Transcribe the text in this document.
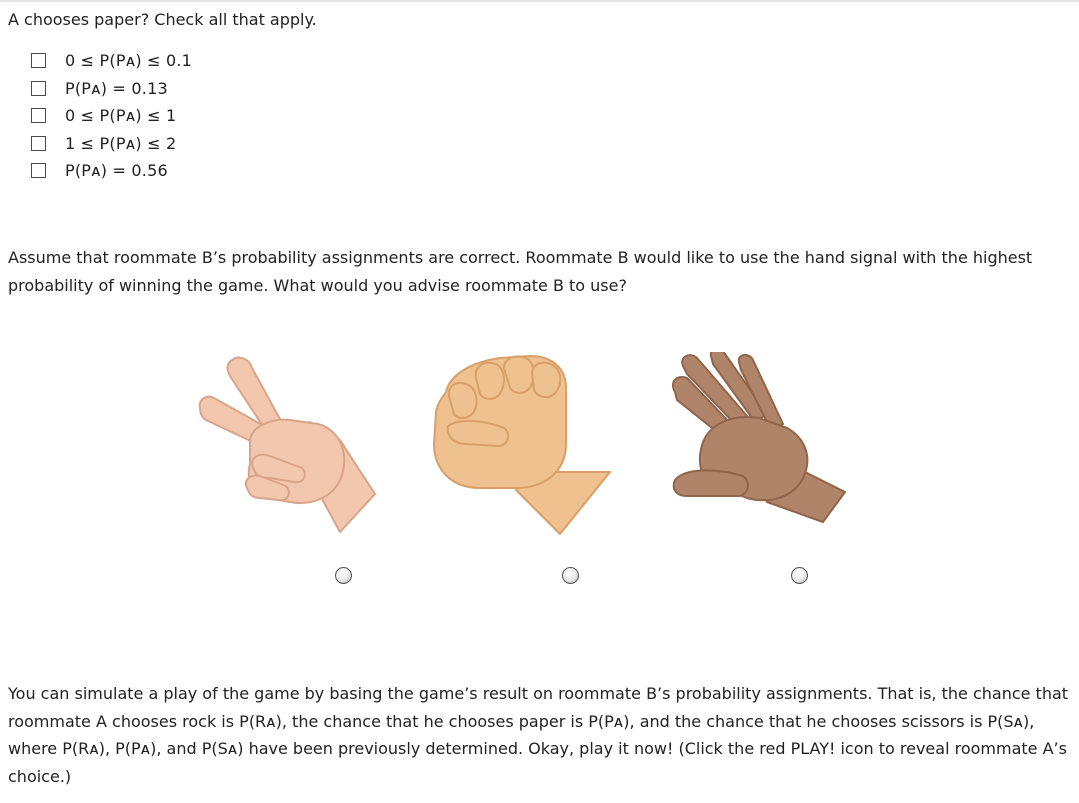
A chooses paper? Check all that apply.

0 ≤ P(Pᴀ) ≤ 0.1
P(Pᴀ) = 0.13
0 ≤ P(Pᴀ) ≤ 1
1 ≤ P(Pᴀ) ≤ 2
P(Pᴀ) = 0.56

Assume that roommate B’s probability assignments are correct. Roommate B would like to use the hand signal with the highest probability of winning the game. What would you advise roommate B to use?

You can simulate a play of the game by basing the game’s result on roommate B’s probability assignments. That is, the chance that roommate A chooses rock is P(Rᴀ), the chance that he chooses paper is P(Pᴀ), and the chance that he chooses scissors is P(Sᴀ), where P(Rᴀ), P(Pᴀ), and P(Sᴀ) have been previously determined. Okay, play it now! (Click the red PLAY! icon to reveal roommate A’s choice.)
